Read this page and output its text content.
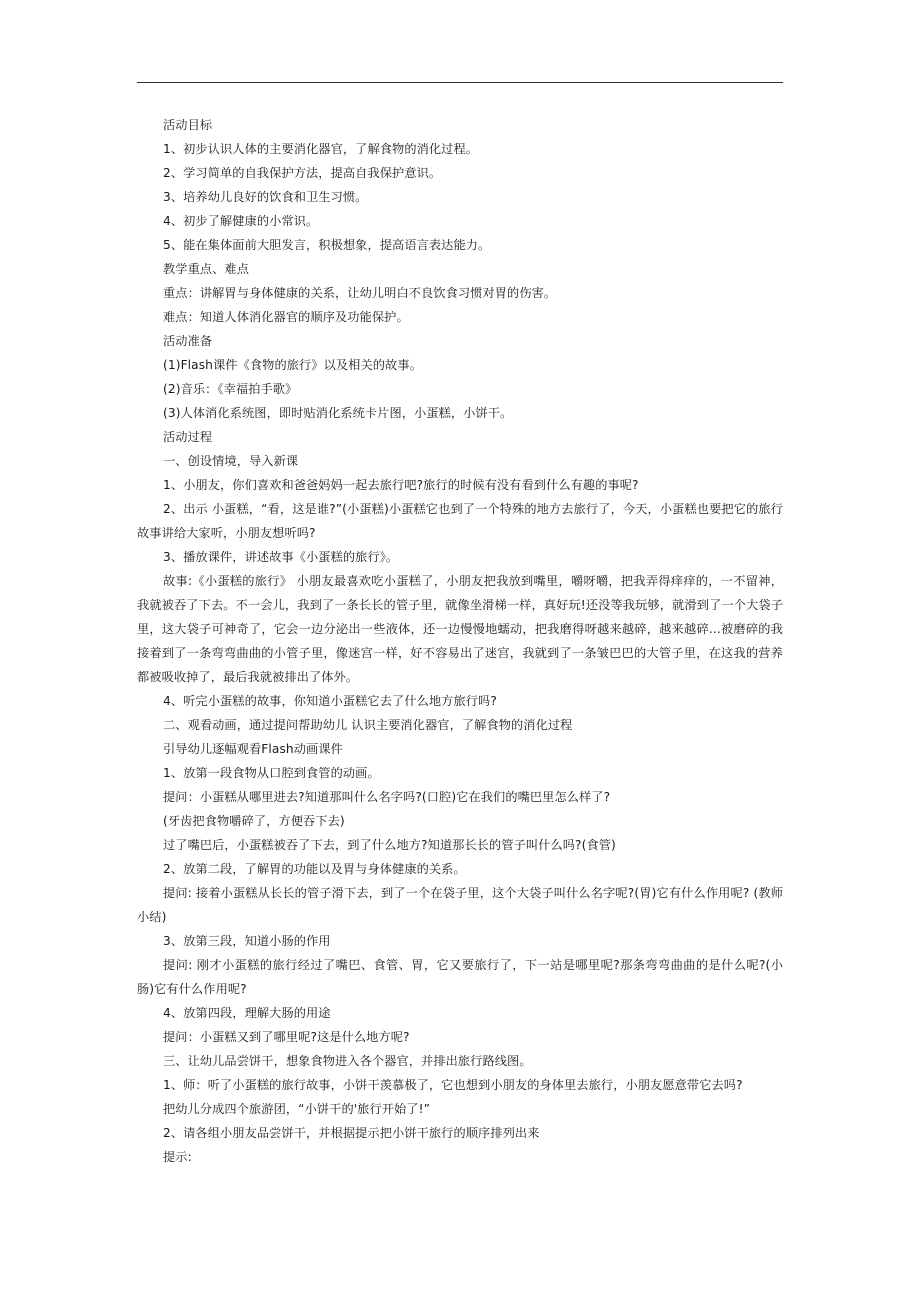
活动目标

1、初步认识人体的主要消化器官，了解食物的消化过程。

2、学习简单的自我保护方法，提高自我保护意识。

3、培养幼儿良好的饮食和卫生习惯。

4、初步了解健康的小常识。

5、能在集体面前大胆发言，积极想象，提高语言表达能力。

教学重点、难点

重点：讲解胃与身体健康的关系，让幼儿明白不良饮食习惯对胃的伤害。

难点：知道人体消化器官的顺序及功能保护。

活动准备

(1)Flash课件《食物的旅行》以及相关的故事。

(2)音乐：《幸福拍手歌》

(3)人体消化系统图，即时贴消化系统卡片图，小蛋糕，小饼干。

活动过程

一、创设情境，导入新课

1、小朋友，你们喜欢和爸爸妈妈一起去旅行吧?旅行的时候有没有看到什么有趣的事呢?

2、出示 小蛋糕，“看，这是谁?”(小蛋糕)小蛋糕它也到了一个特殊的地方去旅行了，今天，小蛋糕也要把它的旅行故事讲给大家听，小朋友想听吗?

3、播放课件，讲述故事《小蛋糕的旅行》。

故事:《小蛋糕的旅行》 小朋友最喜欢吃小蛋糕了，小朋友把我放到嘴里，嚼呀嚼，把我弄得痒痒的，一不留神，我就被吞了下去。不一会儿，我到了一条长长的管子里，就像坐滑梯一样，真好玩!还没等我玩够，就滑到了一个大袋子里，这大袋子可神奇了，它会一边分泌出一些液体，还一边慢慢地蠕动，把我磨得呀越来越碎，越来越碎...被磨碎的我接着到了一条弯弯曲曲的小管子里，像迷宫一样，好不容易出了迷宫，我就到了一条皱巴巴的大管子里，在这我的营养都被吸收掉了，最后我就被排出了体外。

4、听完小蛋糕的故事，你知道小蛋糕它去了什么地方旅行吗?

二、观看动画，通过提问帮助幼儿 认识主要消化器官，了解食物的消化过程

引导幼儿逐幅观看Flash动画课件

1、放第一段食物从口腔到食管的动画。

提问：小蛋糕从哪里进去?知道那叫什么名字吗?(口腔)它在我们的嘴巴里怎么样了?

(牙齿把食物嚼碎了，方便吞下去)

过了嘴巴后，小蛋糕被吞了下去，到了什么地方?知道那长长的管子叫什么吗?(食管)

2、放第二段，了解胃的功能以及胃与身体健康的关系。

提问: 接着小蛋糕从长长的管子滑下去，到了一个在袋子里，这个大袋子叫什么名字呢?(胃)它有什么作用呢? (教师小结)

3、放第三段，知道小肠的作用

提问: 刚才小蛋糕的旅行经过了嘴巴、食管、胃，它又要旅行了，下一站是哪里呢?那条弯弯曲曲的是什么呢?(小肠)它有什么作用呢?

4、放第四段，理解大肠的用途

提问：小蛋糕又到了哪里呢?这是什么地方呢?

三、让幼儿品尝饼干，想象食物进入各个器官，并排出旅行路线图。

1、师：听了小蛋糕的旅行故事，小饼干羡慕极了，它也想到小朋友的身体里去旅行，小朋友愿意带它去吗?

把幼儿分成四个旅游团，“小饼干的'旅行开始了!”

2、请各组小朋友品尝饼干，并根据提示把小饼干旅行的顺序排列出来

提示:
